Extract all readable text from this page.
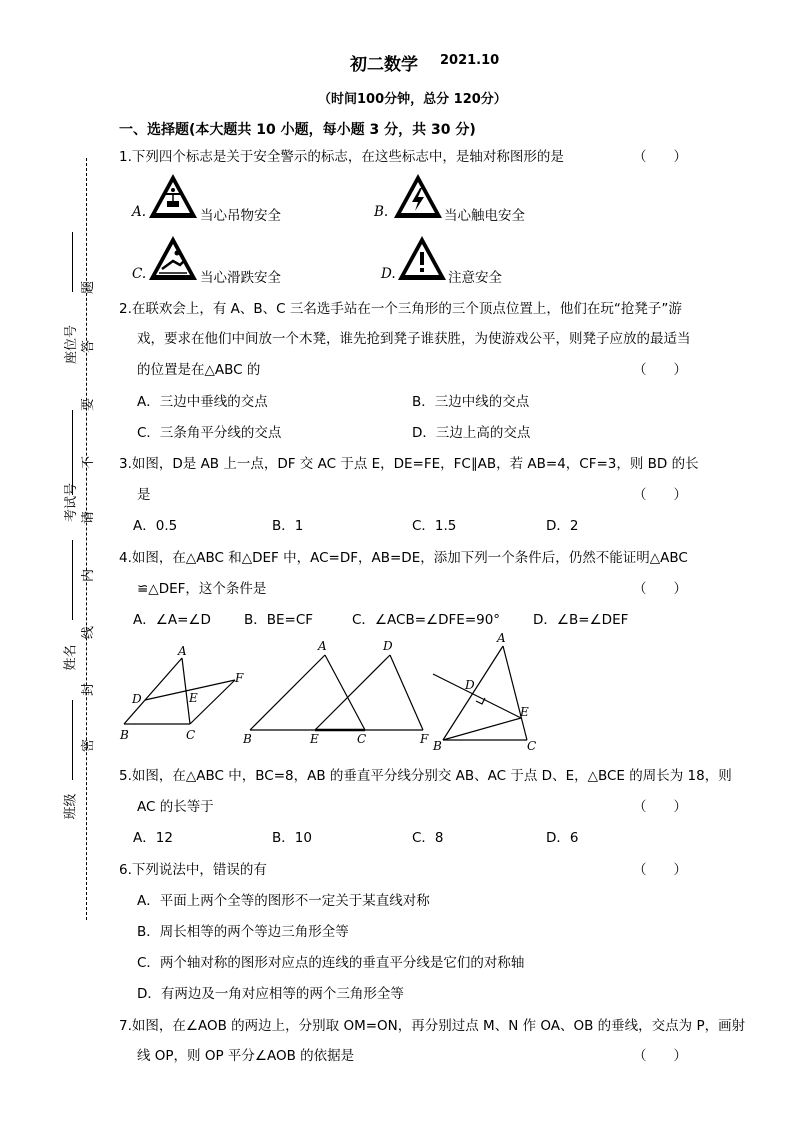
初二数学 2021.10
（时间100分钟，总分 120分）
一、选择题(本大题共 10 小题，每小题 3 分，共 30 分)
座位号
考试号
姓名
班级
题
答
要
不
请
内
线
封
密
1.下列四个标志是关于安全警示的标志，在这些标志中，是轴对称图形的是	（　　）
A.	当心吊物安全	B.	当心触电安全
C.	当心滑跌安全	D.	注意安全
2.在联欢会上，有 A、B、C 三名选手站在一个三角形的三个顶点位置上，他们在玩“抢凳子”游
戏，要求在他们中间放一个木凳，谁先抢到凳子谁获胜，为使游戏公平，则凳子应放的最适当
的位置是在△ABC 的	（　　）
A．三边中垂线的交点	B．三边中线的交点
C．三条角平分线的交点	D．三边上高的交点
3.如图，D是 AB 上一点，DF 交 AC 于点 E，DE=FE，FC∥AB，若 AB=4，CF=3，则 BD 的长
是	（　　）
A．0.5	B．1	C．1.5	D．2
4.如图，在△ABC 和△DEF 中，AC=DF，AB=DE，添加下列一个条件后，仍然不能证明△ABC
≌△DEF，这个条件是	（　　）
A．∠A=∠D B．BE=CF	C．∠ACB=∠DFE=90° D．∠B=∠DEF
A
D	E
F
B	C
A	D
B	E	C	F
A
D
E
B	C
5.如图，在△ABC 中，BC=8，AB 的垂直平分线分别交 AB、AC 于点 D、E，△BCE 的周长为 18，则
AC 的长等于	（　　）
A．12	B．10	C．8	D．6
6.下列说法中，错误的有	（　　）
A．平面上两个全等的图形不一定关于某直线对称
B．周长相等的两个等边三角形全等
C．两个轴对称的图形对应点的连线的垂直平分线是它们的对称轴
D．有两边及一角对应相等的两个三角形全等
7.如图，在∠AOB 的两边上，分别取 OM=ON，再分别过点 M、N 作 OA、OB 的垂线，交点为 P，画射
线 OP，则 OP 平分∠AOB 的依据是	（　　）
